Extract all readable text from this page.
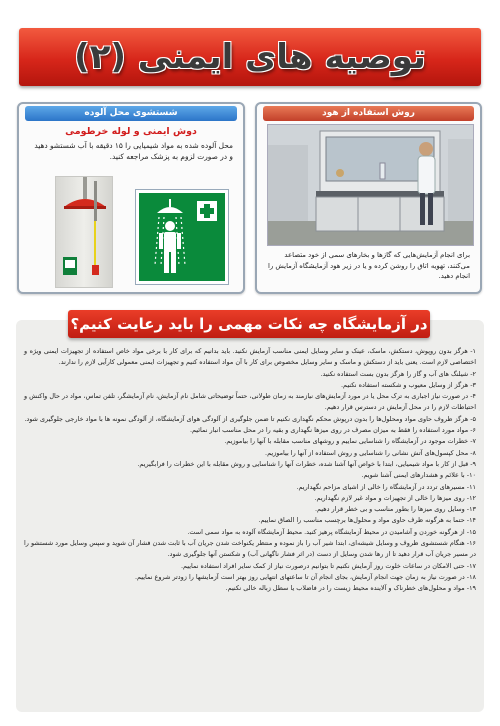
توصیه های ایمنی (۲)
شستشوی محل آلوده
دوش ایمنی و لوله خرطومی
محل آلوده شده به مواد شیمیایی را ۱۵ دقیقه با آب شستشو دهید و در صورت لزوم به پزشک مراجعه کنید.
روش استفاده از هود
برای انجام آزمایش‌هایی که گازها و بخارهای سمی از خود متصاعد می‌کنند، تهویه اتاق را روشن کرده و یا در زیر هود آزمایشگاه آزمایش را انجام دهید.
در آزمایشگاه چه نکات مهمی را باید رعایت کنیم؟
۱- هرگز بدون روپوش، دستکش، ماسک، عینک و سایر وسایل ایمنی مناسب آزمایش نکنید. باید بدانیم که برای کار با برخی مواد خاص استفاده از تجهیزات ایمنی ویژه و اختصاصی لازم است. یعنی باید از دستکش و ماسک و سایر وسایل مخصوص برای کار با آن مواد استفاده کنیم و تجهیزات ایمنی معمولی کارآیی لازم را ندارند.
۲- شیلنگ های آب و گاز را هرگز بدون بست استفاده نکنید.
۳- هرگز از وسایل معیوب و شکسته استفاده نکنیم.
۴- در صورت نیاز اجباری به ترک محل یا در مورد آزمایش‌های نیازمند به زمان طولانی، حتماً توضیحاتی شامل نام آزمایش، نام آزمایشگر، تلفن تماس، مواد در حال واکنش و احتیاطات لازم را در محل آزمایش در دسترس قرار دهیم.
۵- هرگز ظروف حاوی مواد ومحلول‌ها را بدون درپوش محکم نگهداری نکنیم تا ضمن جلوگیری از آلودگی هوای آزمایشگاه، از آلودگی نمونه ها با مواد خارجی جلوگیری شود.
۶- مواد مورد استفاده را فقط به میزان مصرف در روی میزها نگهداری و بقیه را در محل مناسب انبار نمائیم.
۷- خطرات موجود در آزمایشگاه را شناسایی نماییم و روشهای مناسب مقابله با آنها را بیاموزیم.
۸- محل کپسول‌های آتش نشانی را شناسایی و روش استفاده از آنها را بیاموزیم.
۹- قبل از کار با مواد شیمیایی، ابتدا با خواص آنها آشنا شده، خطرات آنها را شناسایی و روش مقابله با این خطرات را فرابگیریم.
۱۰- با علائم و هشدارهای ایمنی آشنا شویم.
۱۱- مسیرهای تردد در آزمایشگاه را خالی از اشیای مزاحم نگهداریم.
۱۲- روی میزها را خالی از تجهیزات و مواد غیر لازم نگهداریم.
۱۳- وسایل روی میزها را بطور مناسب و بی خطر قرار دهیم.
۱۴- حتما به هرگونه ظرف حاوی مواد و محلول‌ها برچسب مناسب را الصاق نماییم.
۱۵- از هرگونه خوردن و آشامیدن در محیط آزمایشگاه پرهیز کنید. محیط آزمایشگاه آلوده به مواد سمی است.
۱۶- هنگام شستشوی ظروف و وسایل شیشه‌ای، ابتدا شیر آب را باز نموده و منتظر یکنواخت شدن جریان آب با ثابت شدن فشار آن شوید و سپس وسایل مورد شستشو را در مسیر جریان آب قرار دهید تا از رها شدن وسایل از دست (در اثر فشار ناگهانی آب) و شکستن آنها جلوگیری شود.
۱۷- حتی الامکان در ساعات خلوت روز آزمایش نکنیم تا بتوانیم درصورت نیاز از کمک سایر افراد استفاده نماییم.
۱۸- در صورت نیاز به زمان جهت انجام آزمایش، بجای انجام آن تا ساعتهای انتهایی روز بهتر است آزمایشها را زودتر شروع نماییم.
۱۹- مواد و محلول‌های خطرناک و آلاینده محیط زیست را در فاضلاب یا سطل زباله خالی نکنیم.
